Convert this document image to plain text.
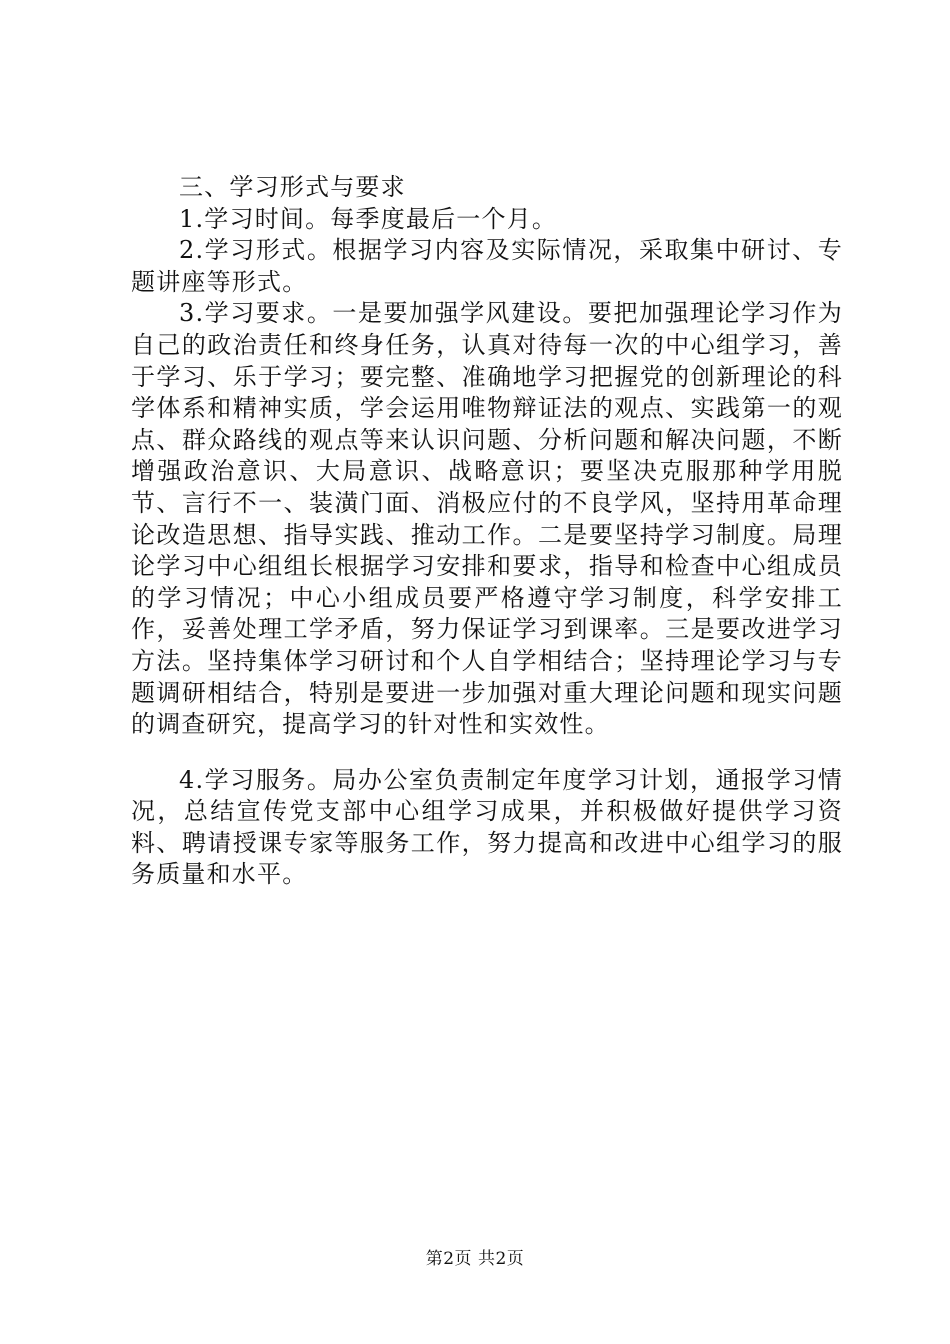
三、学习形式与要求

1.学习时间。每季度最后一个月。

2.学习形式。根据学习内容及实际情况，采取集中研讨、专题讲座等形式。

3.学习要求。一是要加强学风建设。要把加强理论学习作为自己的政治责任和终身任务，认真对待每一次的中心组学习，善于学习、乐于学习；要完整、准确地学习把握党的创新理论的科学体系和精神实质，学会运用唯物辩证法的观点、实践第一的观点、群众路线的观点等来认识问题、分析问题和解决问题，不断增强政治意识、大局意识、战略意识；要坚决克服那种学用脱节、言行不一、装潢门面、消极应付的不良学风，坚持用革命理论改造思想、指导实践、推动工作。二是要坚持学习制度。局理论学习中心组组长根据学习安排和要求，指导和检查中心组成员的学习情况；中心小组成员要严格遵守学习制度，科学安排工作，妥善处理工学矛盾，努力保证学习到课率。三是要改进学习方法。坚持集体学习研讨和个人自学相结合；坚持理论学习与专题调研相结合，特别是要进一步加强对重大理论问题和现实问题的调查研究，提高学习的针对性和实效性。

4.学习服务。局办公室负责制定年度学习计划，通报学习情况，总结宣传党支部中心组学习成果，并积极做好提供学习资料、聘请授课专家等服务工作，努力提高和改进中心组学习的服务质量和水平。

第2页 共2页
